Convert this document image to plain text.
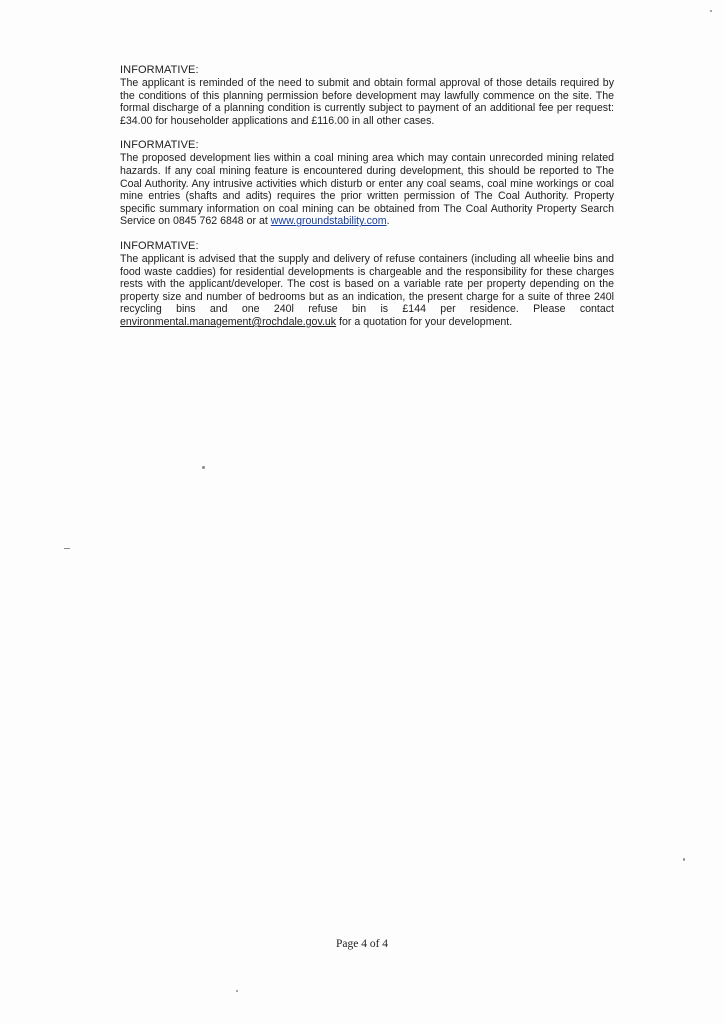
INFORMATIVE:

The applicant is reminded of the need to submit and obtain formal approval of those details required by the conditions of this planning permission before development may lawfully commence on the site. The formal discharge of a planning condition is currently subject to payment of an additional fee per request: £34.00 for householder applications and £116.00 in all other cases.

INFORMATIVE:

The proposed development lies within a coal mining area which may contain unrecorded mining related hazards. If any coal mining feature is encountered during development, this should be reported to The Coal Authority. Any intrusive activities which disturb or enter any coal seams, coal mine workings or coal mine entries (shafts and adits) requires the prior written permission of The Coal Authority. Property specific summary information on coal mining can be obtained from The Coal Authority Property Search Service on 0845 762 6848 or at www.groundstability.com.

INFORMATIVE:

The applicant is advised that the supply and delivery of refuse containers (including all wheelie bins and food waste caddies) for residential developments is chargeable and the responsibility for these charges rests with the applicant/developer. The cost is based on a variable rate per property depending on the property size and number of bedrooms but as an indication, the present charge for a suite of three 240l recycling bins and one 240l refuse bin is £144 per residence. Please contact environmental.management@rochdale.gov.uk for a quotation for your development.

Page 4 of 4
